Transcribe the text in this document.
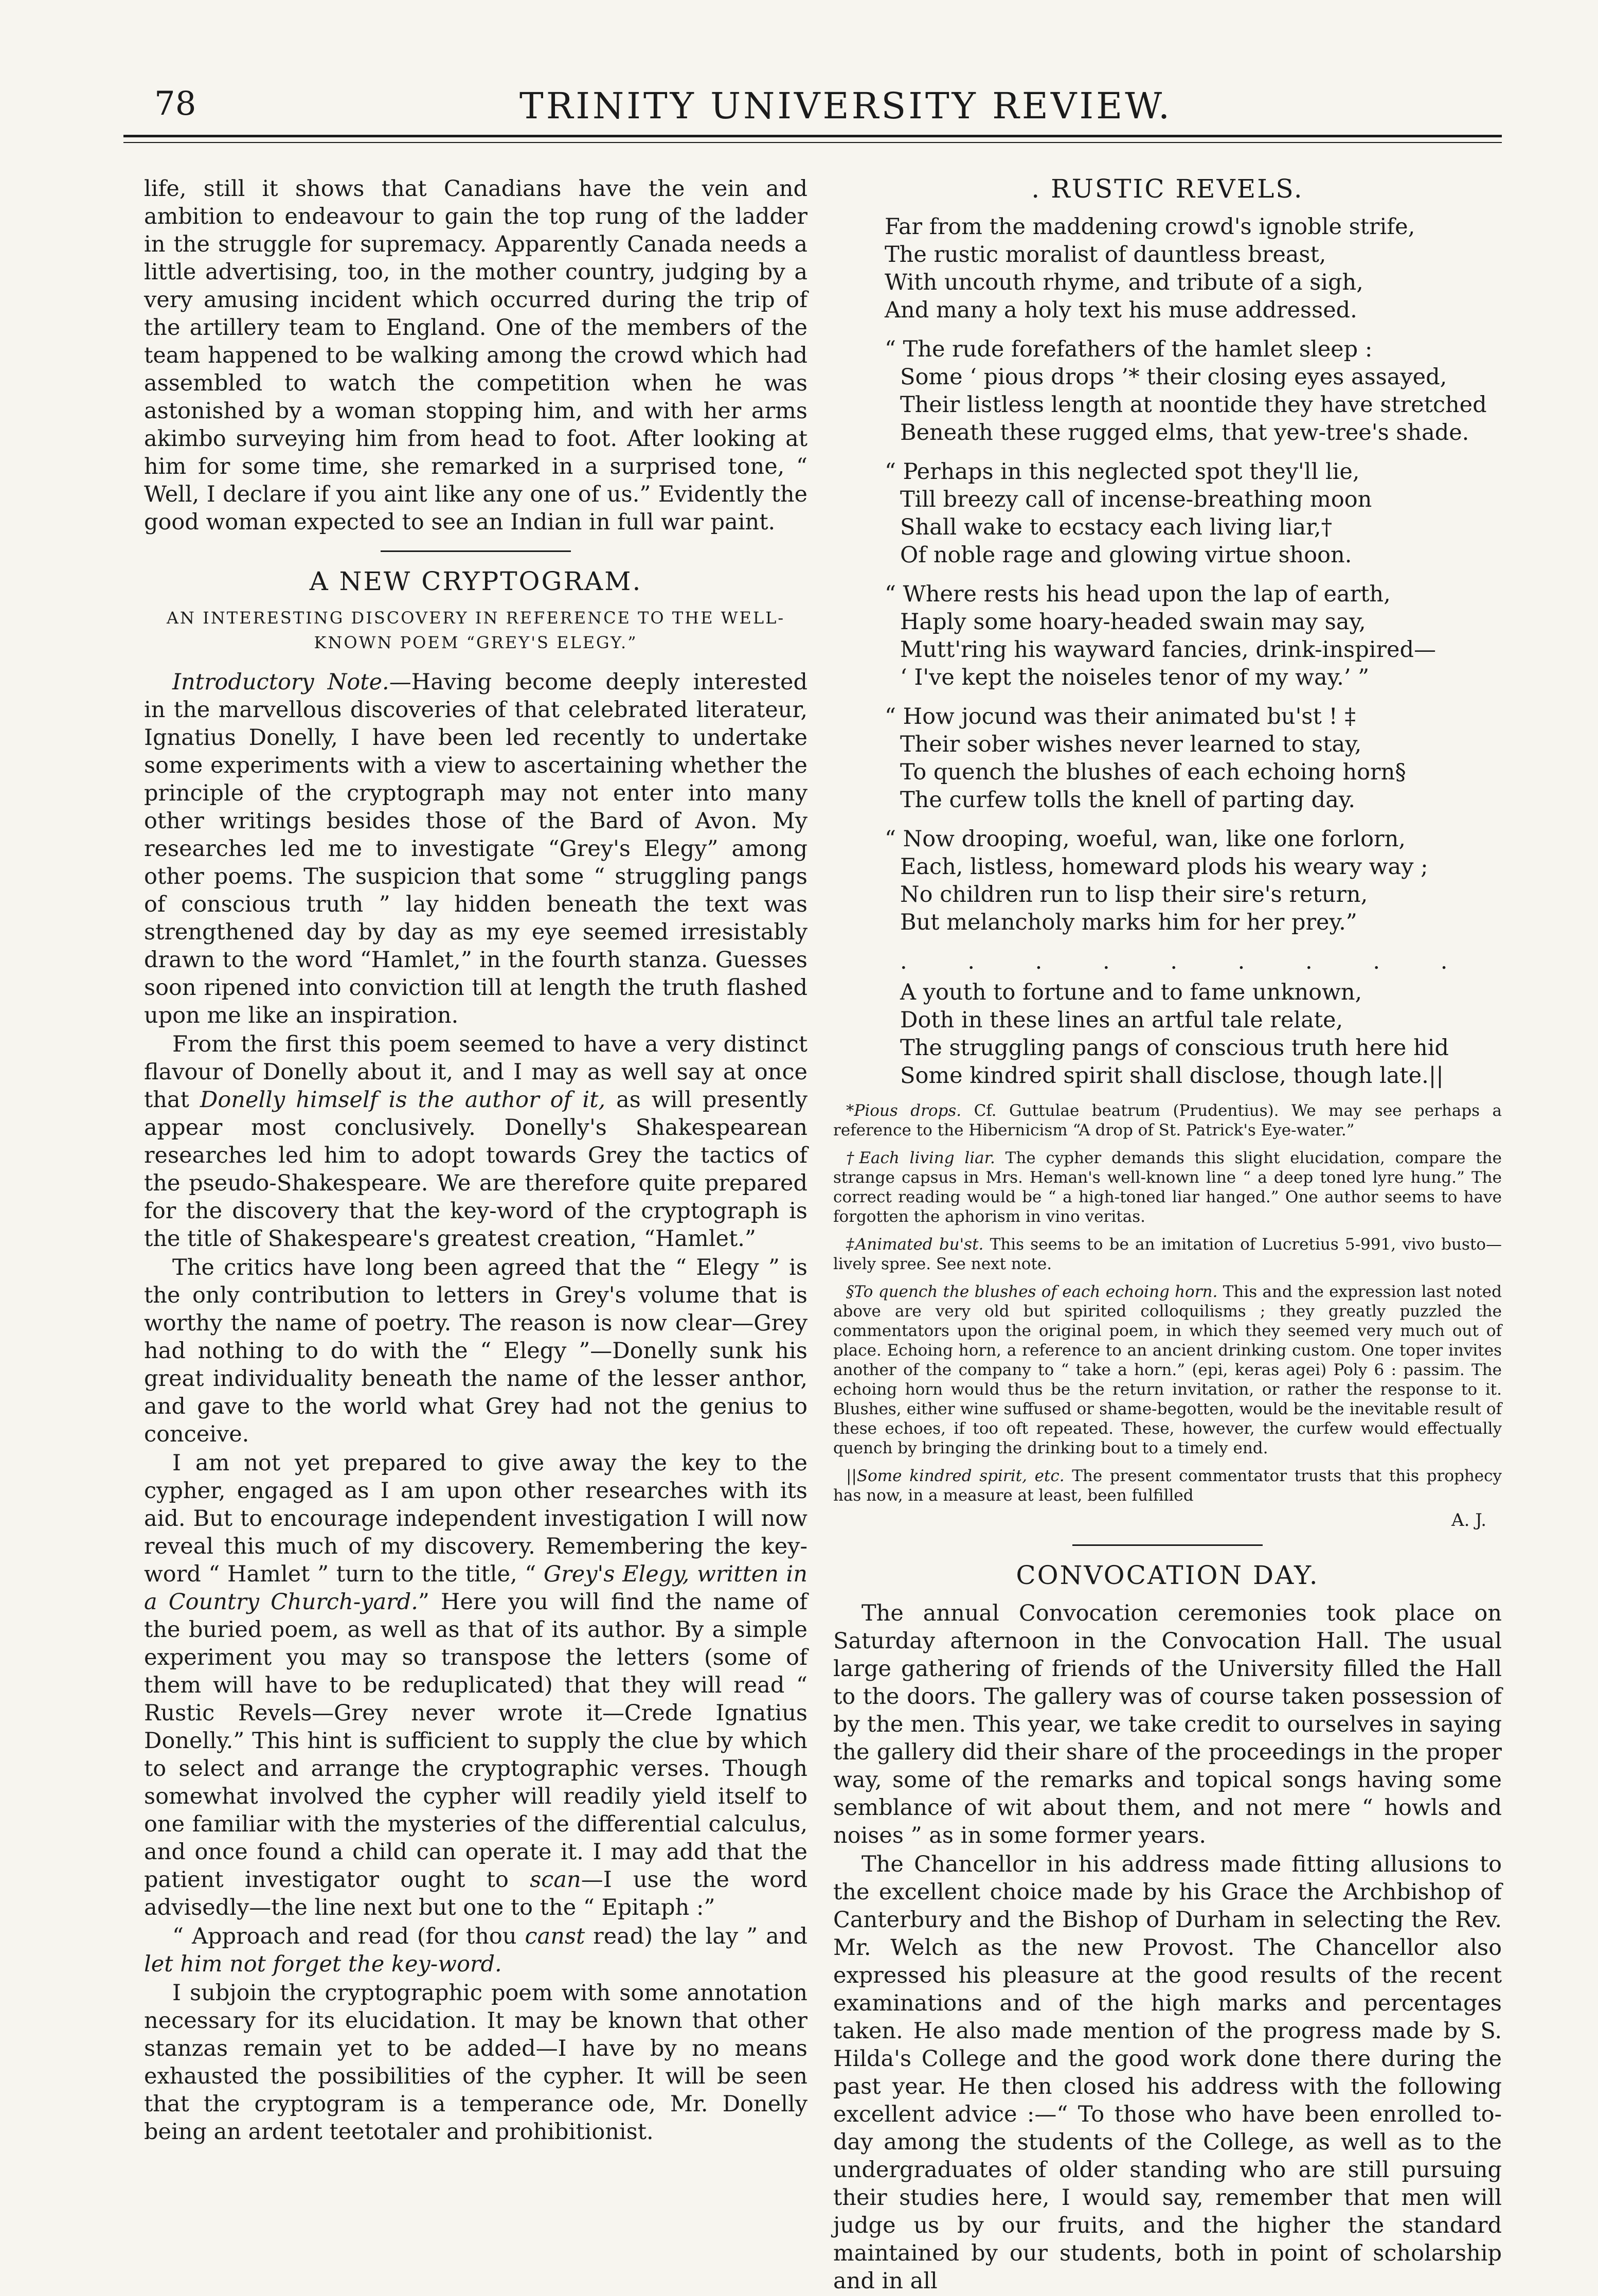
78	TRINITY UNIVERSITY REVIEW.

life, still it shows that Canadians have the vein and ambition to endeavour to gain the top rung of the ladder in the struggle for supremacy. Apparently Canada needs a little advertising, too, in the mother country, judging by a very amusing incident which occurred during the trip of the artillery team to England. One of the members of the team happened to be walking among the crowd which had assembled to watch the competition when he was astonished by a woman stopping him, and with her arms akimbo surveying him from head to foot. After looking at him for some time, she remarked in a surprised tone, “ Well, I declare if you aint like any one of us.” Evidently the good woman expected to see an Indian in full war paint.

A NEW CRYPTOGRAM.
AN INTERESTING DISCOVERY IN REFERENCE TO THE WELL-KNOWN POEM “GREY'S ELEGY.”

Introductory Note.—Having become deeply interested in the marvellous discoveries of that celebrated literateur, Ignatius Donelly, I have been led recently to undertake some experiments with a view to ascertaining whether the principle of the cryptograph may not enter into many other writings besides those of the Bard of Avon. My researches led me to investigate “Grey's Elegy” among other poems. The suspicion that some “ struggling pangs of conscious truth ” lay hidden beneath the text was strengthened day by day as my eye seemed irresistably drawn to the word “Hamlet,” in the fourth stanza. Guesses soon ripened into conviction till at length the truth flashed upon me like an inspiration.

From the first this poem seemed to have a very distinct flavour of Donelly about it, and I may as well say at once that Donelly himself is the author of it, as will presently appear most conclusively. Donelly's Shakespearean researches led him to adopt towards Grey the tactics of the pseudo-Shakespeare. We are therefore quite prepared for the discovery that the key-word of the cryptograph is the title of Shakespeare's greatest creation, “Hamlet.”

The critics have long been agreed that the “ Elegy ” is the only contribution to letters in Grey's volume that is worthy the name of poetry. The reason is now clear—Grey had nothing to do with the “ Elegy ”—Donelly sunk his great individuality beneath the name of the lesser anthor, and gave to the world what Grey had not the genius to conceive.

I am not yet prepared to give away the key to the cypher, engaged as I am upon other researches with its aid. But to encourage independent investigation I will now reveal this much of my discovery. Remembering the key-word “ Hamlet ” turn to the title, “ Grey's Elegy, written in a Country Church-yard.” Here you will find the name of the buried poem, as well as that of its author. By a simple experiment you may so transpose the letters (some of them will have to be reduplicated) that they will read “ Rustic Revels—Grey never wrote it—Crede Ignatius Donelly.” This hint is sufficient to supply the clue by which to select and arrange the cryptographic verses. Though somewhat involved the cypher will readily yield itself to one familiar with the mysteries of the differential calculus, and once found a child can operate it. I may add that the patient investigator ought to scan—I use the word advisedly—the line next but one to the “ Epitaph :”

“ Approach and read (for thou canst read) the lay ” and let him not forget the key-word.

I subjoin the cryptographic poem with some annotation necessary for its elucidation. It may be known that other stanzas remain yet to be added—I have by no means exhausted the possibilities of the cypher. It will be seen that the cryptogram is a temperance ode, Mr. Donelly being an ardent teetotaler and prohibitionist.

. RUSTIC REVELS.
Far from the maddening crowd's ignoble strife,
The rustic moralist of dauntless breast,
With uncouth rhyme, and tribute of a sigh,
And many a holy text his muse addressed.
“ The rude forefathers of the hamlet sleep :
Some ‘ pious drops ’* their closing eyes assayed,
Their listless length at noontide they have stretched
Beneath these rugged elms, that yew-tree's shade.
“ Perhaps in this neglected spot they'll lie,
Till breezy call of incense-breathing moon
Shall wake to ecstacy each living liar,†
Of noble rage and glowing virtue shoon.
“ Where rests his head upon the lap of earth,
Haply some hoary-headed swain may say,
Mutt'ring his wayward fancies, drink-inspired—
‘ I've kept the noiseles tenor of my way.’ ”
“ How jocund was their animated bu'st ! ‡
Their sober wishes never learned to stay,
To quench the blushes of each echoing horn§
The curfew tolls the knell of parting day.
“ Now drooping, woeful, wan, like one forlorn,
Each, listless, homeward plods his weary way ;
No children run to lisp their sire's return,
But melancholy marks him for her prey.”
. . . . . . . . .
A youth to fortune and to fame unknown,
Doth in these lines an artful tale relate,
The struggling pangs of conscious truth here hid
Some kindred spirit shall disclose, though late.||

*Pious drops. Cf. Guttulae beatrum (Prudentius). We may see perhaps a reference to the Hibernicism “A drop of St. Patrick's Eye-water.”

†Each living liar. The cypher demands this slight elucidation, compare the strange capsus in Mrs. Heman's well-known line “ a deep toned lyre hung.” The correct reading would be “ a high-toned liar hanged.” One author seems to have forgotten the aphorism in vino veritas.

‡Animated bu'st. This seems to be an imitation of Lucretius 5-991, vivo busto—lively spree. See next note.

§To quench the blushes of each echoing horn. This and the expression last noted above are very old but spirited colloquilisms ; they greatly puzzled the commentators upon the original poem, in which they seemed very much out of place. Echoing horn, a reference to an ancient drinking custom. One toper invites another of the company to “ take a horn.” (epi, keras agei) Poly 6 : passim. The echoing horn would thus be the return invitation, or rather the response to it. Blushes, either wine suffused or shame-begotten, would be the inevitable result of these echoes, if too oft repeated. These, however, the curfew would effectually quench by bringing the drinking bout to a timely end.

||Some kindred spirit, etc. The present commentator trusts that this prophecy has now, in a measure at least, been fulfilled

A. J.
CONVOCATION DAY.

The annual Convocation ceremonies took place on Saturday afternoon in the Convocation Hall. The usual large gathering of friends of the University filled the Hall to the doors. The gallery was of course taken possession of by the men. This year, we take credit to ourselves in saying the gallery did their share of the proceedings in the proper way, some of the remarks and topical songs having some semblance of wit about them, and not mere “ howls and noises ” as in some former years.

The Chancellor in his address made fitting allusions to the excellent choice made by his Grace the Archbishop of Canterbury and the Bishop of Durham in selecting the Rev. Mr. Welch as the new Provost. The Chancellor also expressed his pleasure at the good results of the recent examinations and of the high marks and percentages taken. He also made mention of the progress made by S. Hilda's College and the good work done there during the past year. He then closed his address with the following excellent advice :—“ To those who have been enrolled to-day among the students of the College, as well as to the undergraduates of older standing who are still pursuing their studies here, I would say, remember that men will judge us by our fruits, and the higher the standard maintained by our students, both in point of scholarship and in all
